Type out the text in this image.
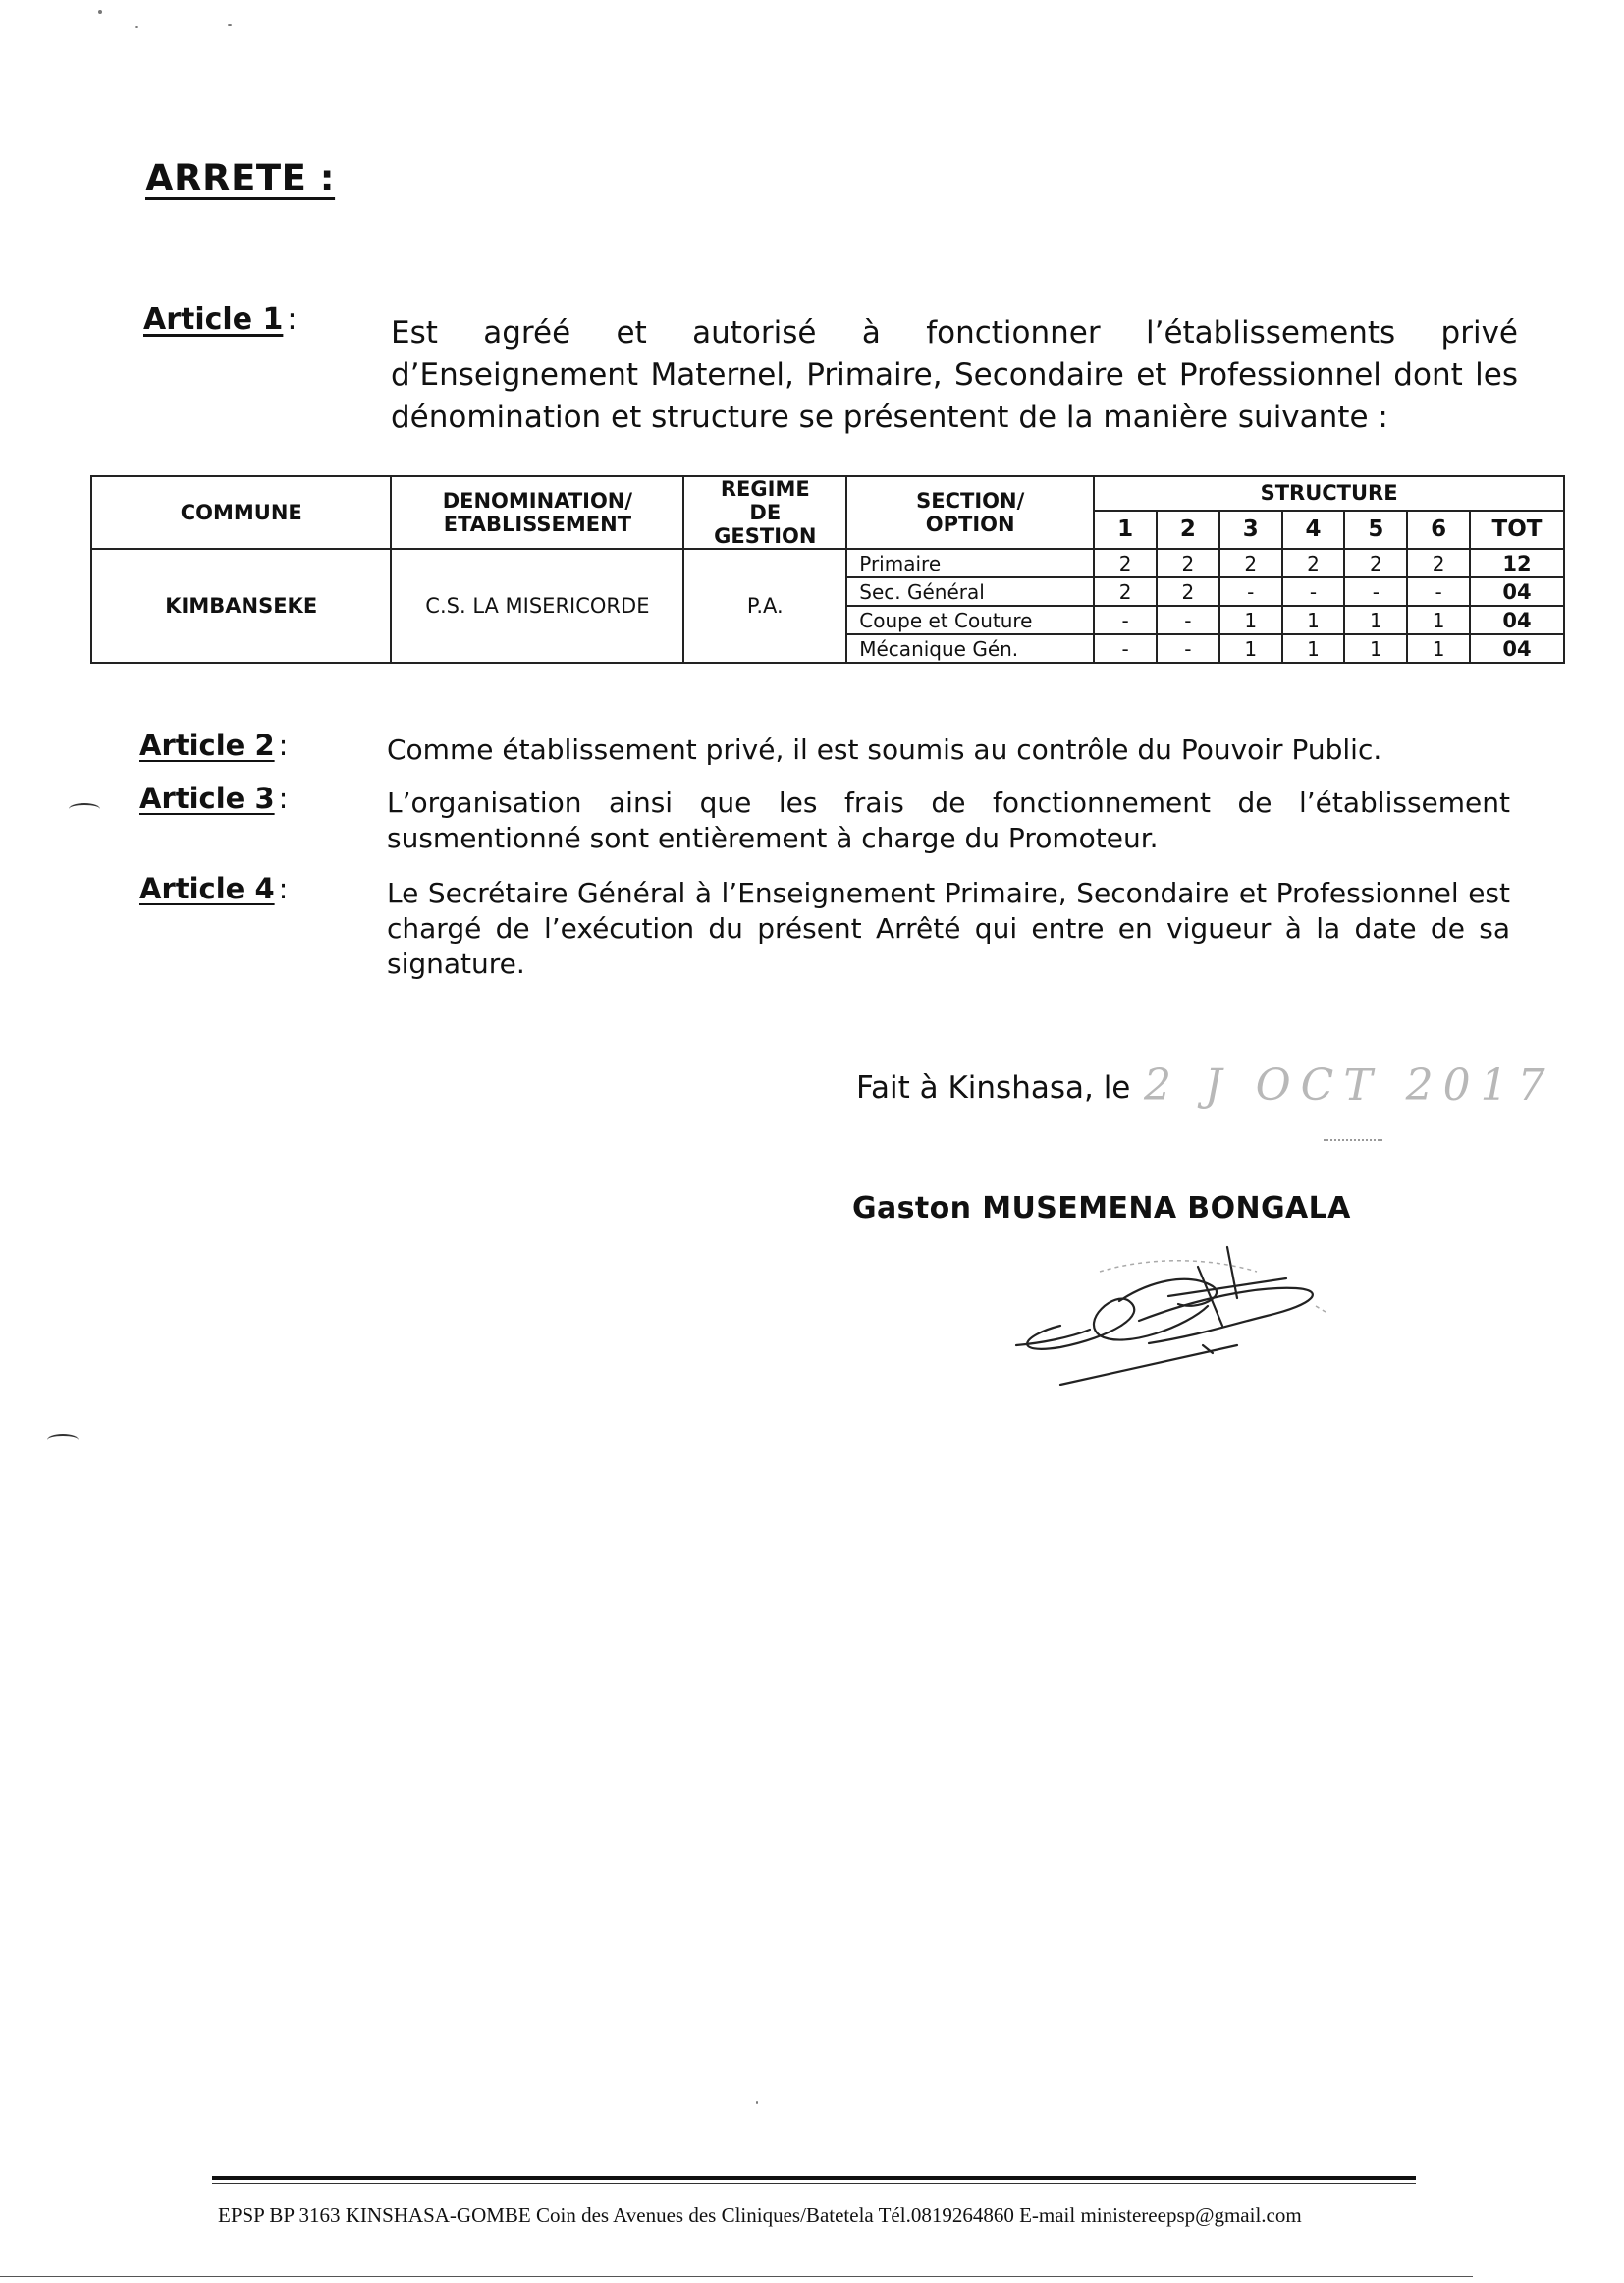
ARRETE :
Article 1 :	Est agréé et autorisé à fonctionner l’établissements privé d’Enseignement Maternel, Primaire, Secondaire et Professionnel dont les dénomination et structure se présentent de la manière suivante :
COMMUNE	DENOMINATION/ ETABLISSEMENT	REGIME DE GESTION	SECTION/ OPTION	STRUCTURE						
				1	2	3	4	5	6	TOT
KIMBANSEKE	C.S. LA MISERICORDE	P.A.	Primaire	2	2	2	2	2	2	12
			Sec. Général	2	2	-	-	-	-	04
			Coupe et Couture	-	-	1	1	1	1	04
			Mécanique Gén.	-	-	1	1	1	1	04
Article 2 :	Comme établissement privé, il est soumis au contrôle du Pouvoir Public.
Article 3 :	L’organisation ainsi que les frais de fonctionnement de l’établissement susmentionné sont entièrement à charge du Promoteur.
Article 4 :	Le Secrétaire Général à l’Enseignement Primaire, Secondaire et Professionnel est chargé de l’exécution du présent Arrêté qui entre en vigueur à la date de sa signature.
Fait à Kinshasa, le 2 J OCT 2017
Gaston MUSEMENA BONGALA
EPSP BP 3163 KINSHASA-GOMBE Coin des Avenues des Cliniques/Batetela Tél.0819264860 E-mail ministereepsp@gmail.com
